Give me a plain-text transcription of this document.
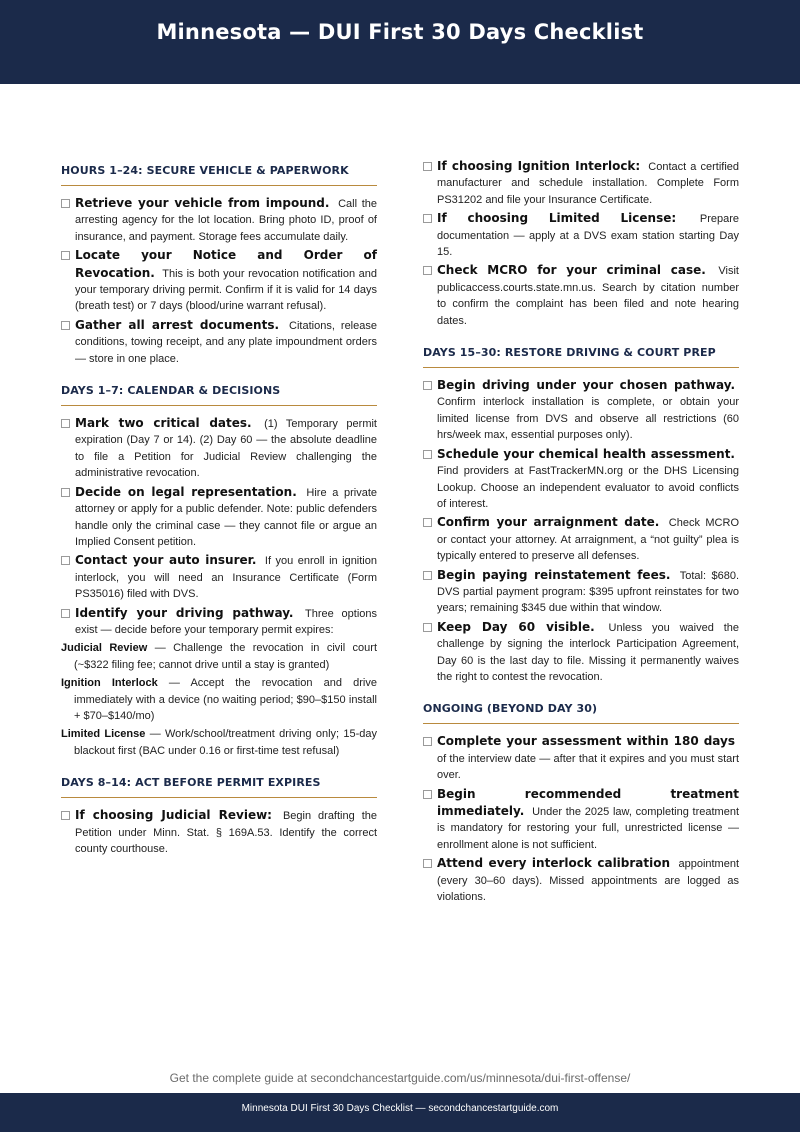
Minnesota — DUI First 30 Days Checklist
HOURS 1–24: SECURE VEHICLE & PAPERWORK
Retrieve your vehicle from impound. Call the arresting agency for the lot location. Bring photo ID, proof of insurance, and payment. Storage fees accumulate daily.
Locate your Notice and Order of Revocation. This is both your revocation notification and your temporary driving permit. Confirm if it is valid for 14 days (breath test) or 7 days (blood/urine warrant refusal).
Gather all arrest documents. Citations, release conditions, towing receipt, and any plate impoundment orders — store in one place.
DAYS 1–7: CALENDAR & DECISIONS
Mark two critical dates. (1) Temporary permit expiration (Day 7 or 14). (2) Day 60 — the absolute deadline to file a Petition for Judicial Review challenging the administrative revocation.
Decide on legal representation. Hire a private attorney or apply for a public defender. Note: public defenders handle only the criminal case — they cannot file or argue an Implied Consent petition.
Contact your auto insurer. If you enroll in ignition interlock, you will need an Insurance Certificate (Form PS35016) filed with DVS.
Identify your driving pathway. Three options exist — decide before your temporary permit expires:
Judicial Review — Challenge the revocation in civil court (~$322 filing fee; cannot drive until a stay is granted)
Ignition Interlock — Accept the revocation and drive immediately with a device (no waiting period; $90–$150 install + $70–$140/mo)
Limited License — Work/school/treatment driving only; 15-day blackout first (BAC under 0.16 or first-time test refusal)
DAYS 8–14: ACT BEFORE PERMIT EXPIRES
If choosing Judicial Review: Begin drafting the Petition under Minn. Stat. § 169A.53. Identify the correct county courthouse.
If choosing Ignition Interlock: Contact a certified manufacturer and schedule installation. Complete Form PS31202 and file your Insurance Certificate.
If choosing Limited License: Prepare documentation — apply at a DVS exam station starting Day 15.
Check MCRO for your criminal case. Visit publicaccess.courts.state.mn.us. Search by citation number to confirm the complaint has been filed and note hearing dates.
DAYS 15–30: RESTORE DRIVING & COURT PREP
Begin driving under your chosen pathway. Confirm interlock installation is complete, or obtain your limited license from DVS and observe all restrictions (60 hrs/week max, essential purposes only).
Schedule your chemical health assessment. Find providers at FastTrackerMN.org or the DHS Licensing Lookup. Choose an independent evaluator to avoid conflicts of interest.
Confirm your arraignment date. Check MCRO or contact your attorney. At arraignment, a “not guilty” plea is typically entered to preserve all defenses.
Begin paying reinstatement fees. Total: $680. DVS partial payment program: $395 upfront reinstates for two years; remaining $345 due within that window.
Keep Day 60 visible. Unless you waived the challenge by signing the interlock Participation Agreement, Day 60 is the last day to file. Missing it permanently waives the right to contest the revocation.
ONGOING (BEYOND DAY 30)
Complete your assessment within 180 days of the interview date — after that it expires and you must start over.
Begin recommended treatment immediately. Under the 2025 law, completing treatment is mandatory for restoring your full, unrestricted license — enrollment alone is not sufficient.
Attend every interlock calibration appointment (every 30–60 days). Missed appointments are logged as violations.
Get the complete guide at secondchancestartguide.com/us/minnesota/dui-first-offense/
Minnesota DUI First 30 Days Checklist — secondchancestartguide.com
